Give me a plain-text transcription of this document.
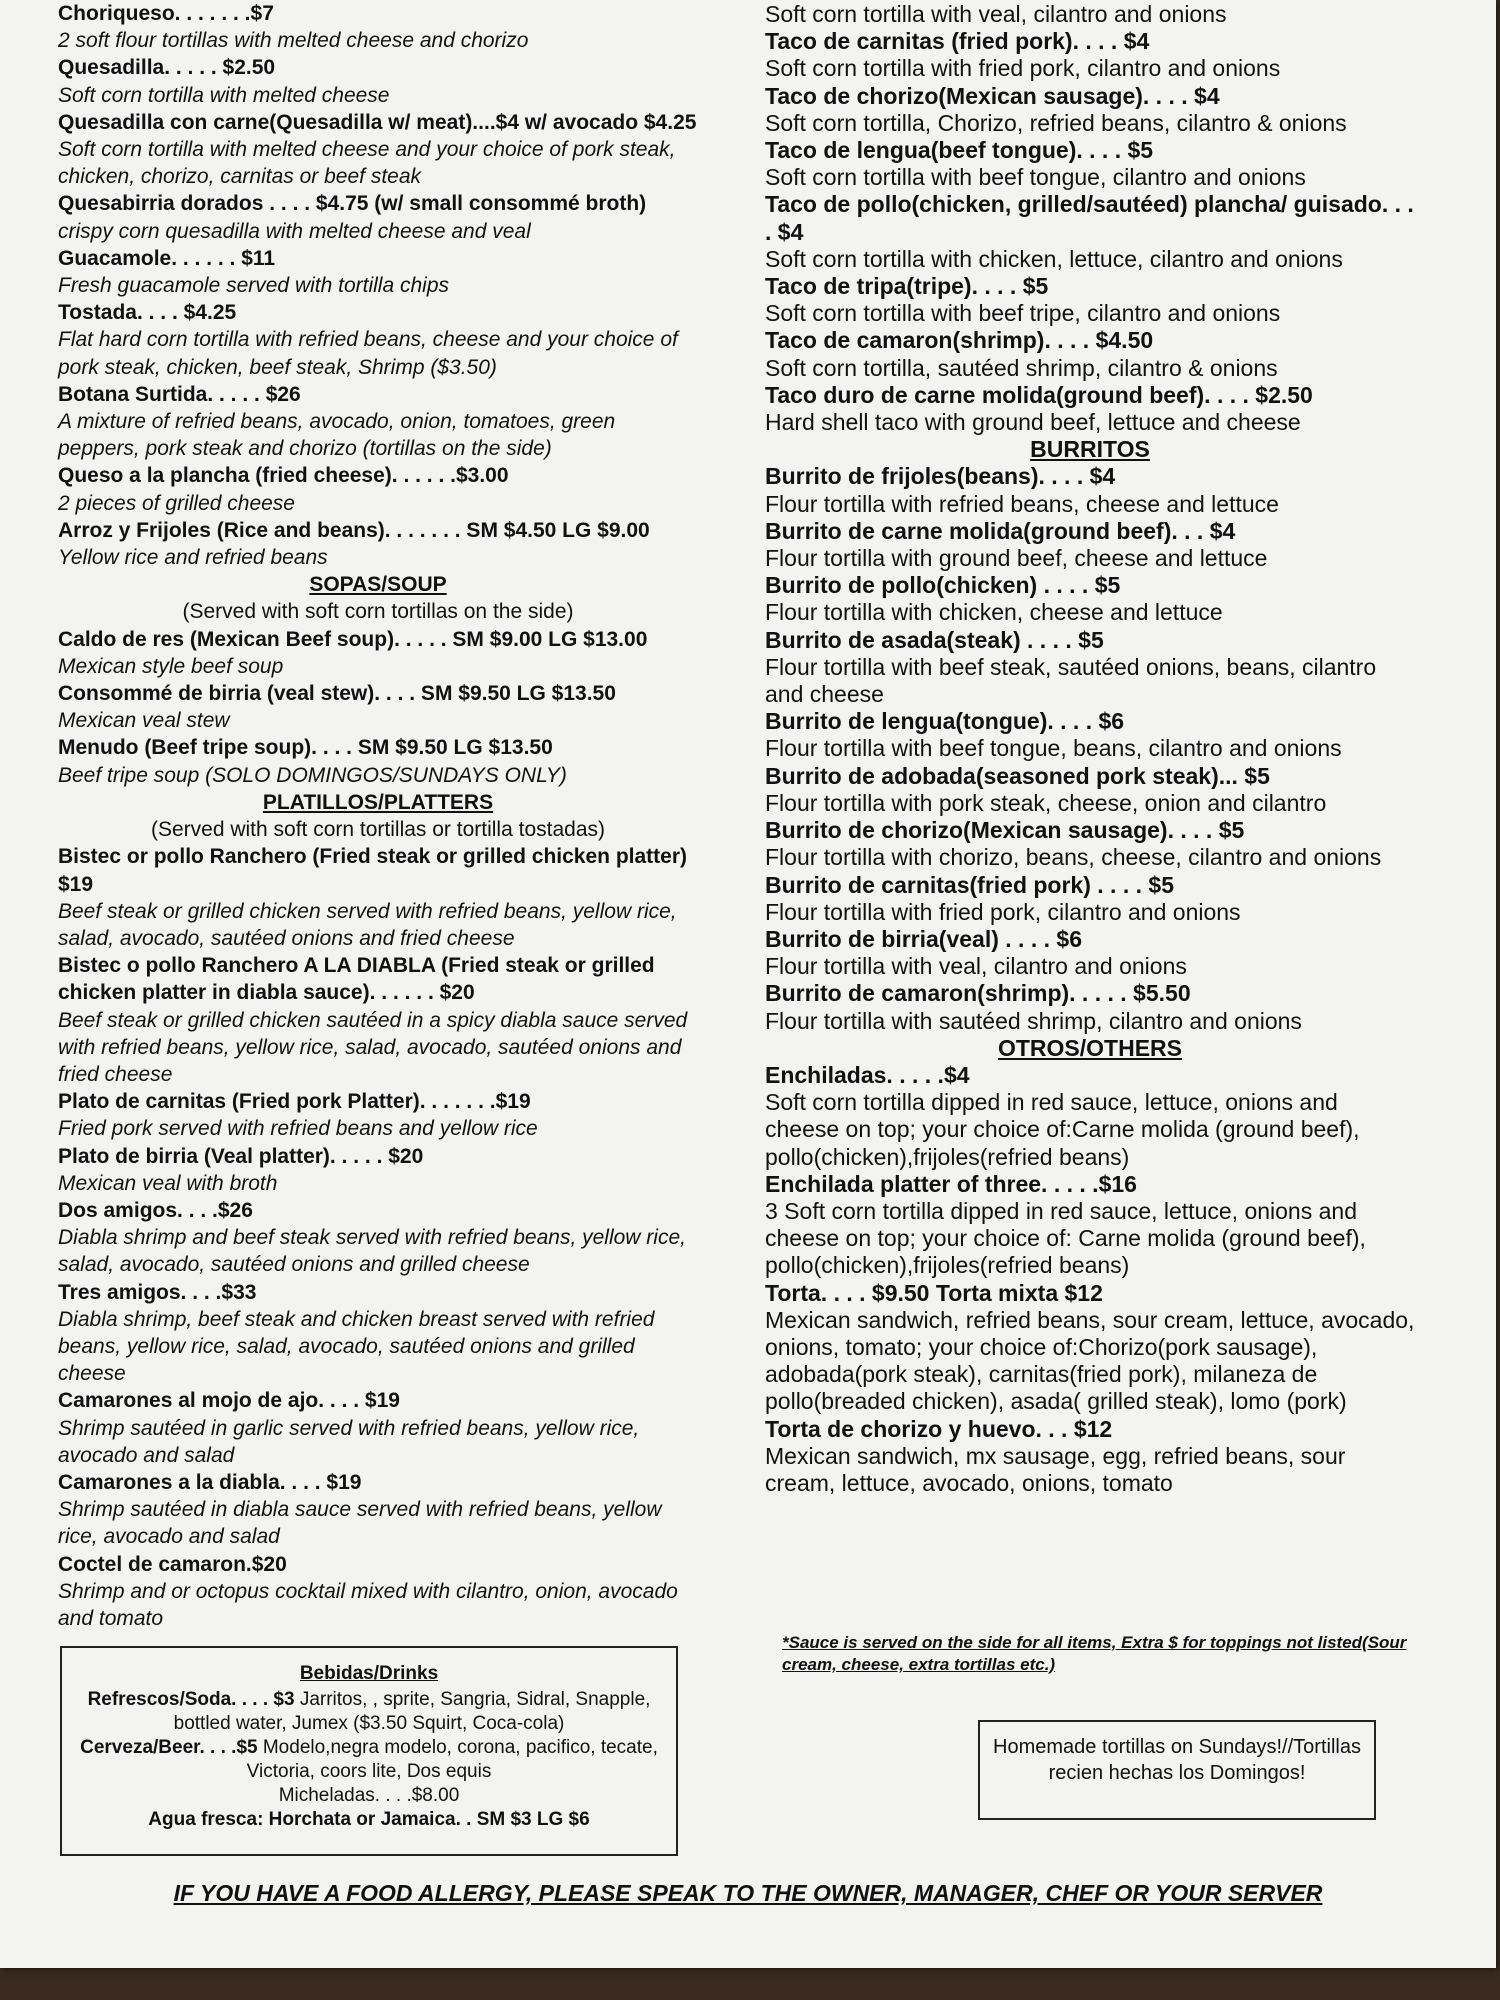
Choriqueso. . . . . . .$7
2 soft flour tortillas with melted cheese and chorizo
Quesadilla. . . . . $2.50
Soft corn tortilla with melted cheese
Quesadilla con carne(Quesadilla w/ meat)....$4 w/ avocado $4.25
Soft corn tortilla with melted cheese and your choice of pork steak, chicken, chorizo, carnitas or beef steak
Quesabirria dorados . . . . $4.75 (w/ small consommé broth)
crispy corn quesadilla with melted cheese and veal
Guacamole. . . . . . $11
Fresh guacamole served with tortilla chips
Tostada. . . . $4.25
Flat hard corn tortilla with refried beans, cheese and your choice of pork steak, chicken, beef steak, Shrimp ($3.50)
Botana Surtida. . . . . $26
A mixture of refried beans, avocado, onion, tomatoes, green peppers, pork steak and chorizo (tortillas on the side)
Queso a la plancha (fried cheese). . . . . .$3.00
2 pieces of grilled cheese
Arroz y Frijoles (Rice and beans). . . . . . . SM $4.50 LG $9.00
Yellow rice and refried beans
SOPAS/SOUP
(Served with soft corn tortillas on the side)
Caldo de res (Mexican Beef soup). . . . . SM $9.00 LG $13.00
Mexican style beef soup
Consommé de birria (veal stew). . . . SM $9.50 LG $13.50
Mexican veal stew
Menudo (Beef tripe soup). . . . SM $9.50 LG $13.50
Beef tripe soup (SOLO DOMINGOS/SUNDAYS ONLY)
PLATILLOS/PLATTERS
(Served with soft corn tortillas or tortilla tostadas)
Bistec or pollo Ranchero (Fried steak or grilled chicken platter) $19
Beef steak or grilled chicken served with refried beans, yellow rice, salad, avocado, sautéed onions and fried cheese
Bistec o pollo Ranchero A LA DIABLA (Fried steak or grilled chicken platter in diabla sauce). . . . . . $20
Beef steak or grilled chicken sautéed in a spicy diabla sauce served with refried beans, yellow rice, salad, avocado, sautéed onions and fried cheese
Plato de carnitas (Fried pork Platter). . . . . . .$19
Fried pork served with refried beans and yellow rice
Plato de birria (Veal platter). . . . . $20
Mexican veal with broth
Dos amigos. . . .$26
Diabla shrimp and beef steak served with refried beans, yellow rice, salad, avocado, sautéed onions and grilled cheese
Tres amigos. . . .$33
Diabla shrimp, beef steak and chicken breast served with refried beans, yellow rice, salad, avocado, sautéed onions and grilled cheese
Camarones al mojo de ajo. . . . $19
Shrimp sautéed in garlic served with refried beans, yellow rice, avocado and salad
Camarones a la diabla. . . . $19
Shrimp sautéed in diabla sauce served with refried beans, yellow rice, avocado and salad
Coctel de camaron.$20
Shrimp and or octopus cocktail mixed with cilantro, onion, avocado and tomato
Soft corn tortilla with veal, cilantro and onions
Taco de carnitas (fried pork). . . . $4
Soft corn tortilla with fried pork, cilantro and onions
Taco de chorizo(Mexican sausage). . . . $4
Soft corn tortilla, Chorizo, refried beans, cilantro & onions
Taco de lengua(beef tongue). . . . $5
Soft corn tortilla with beef tongue, cilantro and onions
Taco de pollo(chicken, grilled/sautéed) plancha/ guisado. . . . $4
Soft corn tortilla with chicken, lettuce, cilantro and onions
Taco de tripa(tripe). . . . $5
Soft corn tortilla with beef tripe, cilantro and onions
Taco de camaron(shrimp). . . . $4.50
Soft corn tortilla, sautéed shrimp, cilantro & onions
Taco duro de carne molida(ground beef). . . . $2.50
Hard shell taco with ground beef, lettuce and cheese
BURRITOS
Burrito de frijoles(beans). . . . $4
Flour tortilla with refried beans, cheese and lettuce
Burrito de carne molida(ground beef). . . $4
Flour tortilla with ground beef, cheese and lettuce
Burrito de pollo(chicken) . . . . $5
Flour tortilla with chicken, cheese and lettuce
Burrito de asada(steak) . . . . $5
Flour tortilla with beef steak, sautéed onions, beans, cilantro and cheese
Burrito de lengua(tongue). . . . $6
Flour tortilla with beef tongue, beans, cilantro and onions
Burrito de adobada(seasoned pork steak)... $5
Flour tortilla with pork steak, cheese, onion and cilantro
Burrito de chorizo(Mexican sausage). . . . $5
Flour tortilla with chorizo, beans, cheese, cilantro and onions
Burrito de carnitas(fried pork) . . . . $5
Flour tortilla with fried pork, cilantro and onions
Burrito de birria(veal) . . . . $6
Flour tortilla with veal, cilantro and onions
Burrito de camaron(shrimp). . . . . $5.50
Flour tortilla with sautéed shrimp, cilantro and onions
OTROS/OTHERS
Enchiladas. . . . .$4
Soft corn tortilla dipped in red sauce, lettuce, onions and cheese on top; your choice of:Carne molida (ground beef), pollo(chicken),frijoles(refried beans)
Enchilada platter of three. . . . .$16
3 Soft corn tortilla dipped in red sauce, lettuce, onions and cheese on top; your choice of: Carne molida (ground beef), pollo(chicken),frijoles(refried beans)
Torta. . . . $9.50 Torta mixta $12
Mexican sandwich, refried beans, sour cream, lettuce, avocado, onions, tomato; your choice of:Chorizo(pork sausage), adobada(pork steak), carnitas(fried pork), milaneza de pollo(breaded chicken), asada( grilled steak), lomo (pork)
Torta de chorizo y huevo. . . $12
Mexican sandwich, mx sausage, egg, refried beans, sour cream, lettuce, avocado, onions, tomato
Bebidas/Drinks
Refrescos/Soda. . . . $3 Jarritos, , sprite, Sangria, Sidral, Snapple, bottled water, Jumex ($3.50 Squirt, Coca-cola)
Cerveza/Beer. . . .$5 Modelo,negra modelo, corona, pacifico, tecate, Victoria, coors lite, Dos equis
Micheladas. . . .$8.00
Agua fresca: Horchata or Jamaica. . SM $3 LG $6
*Sauce is served on the side for all items, Extra $ for toppings not listed(Sour cream, cheese, extra tortillas etc.)
Homemade tortillas on Sundays!//Tortillas recien hechas los Domingos!
IF YOU HAVE A FOOD ALLERGY, PLEASE SPEAK TO THE OWNER, MANAGER, CHEF OR YOUR SERVER
